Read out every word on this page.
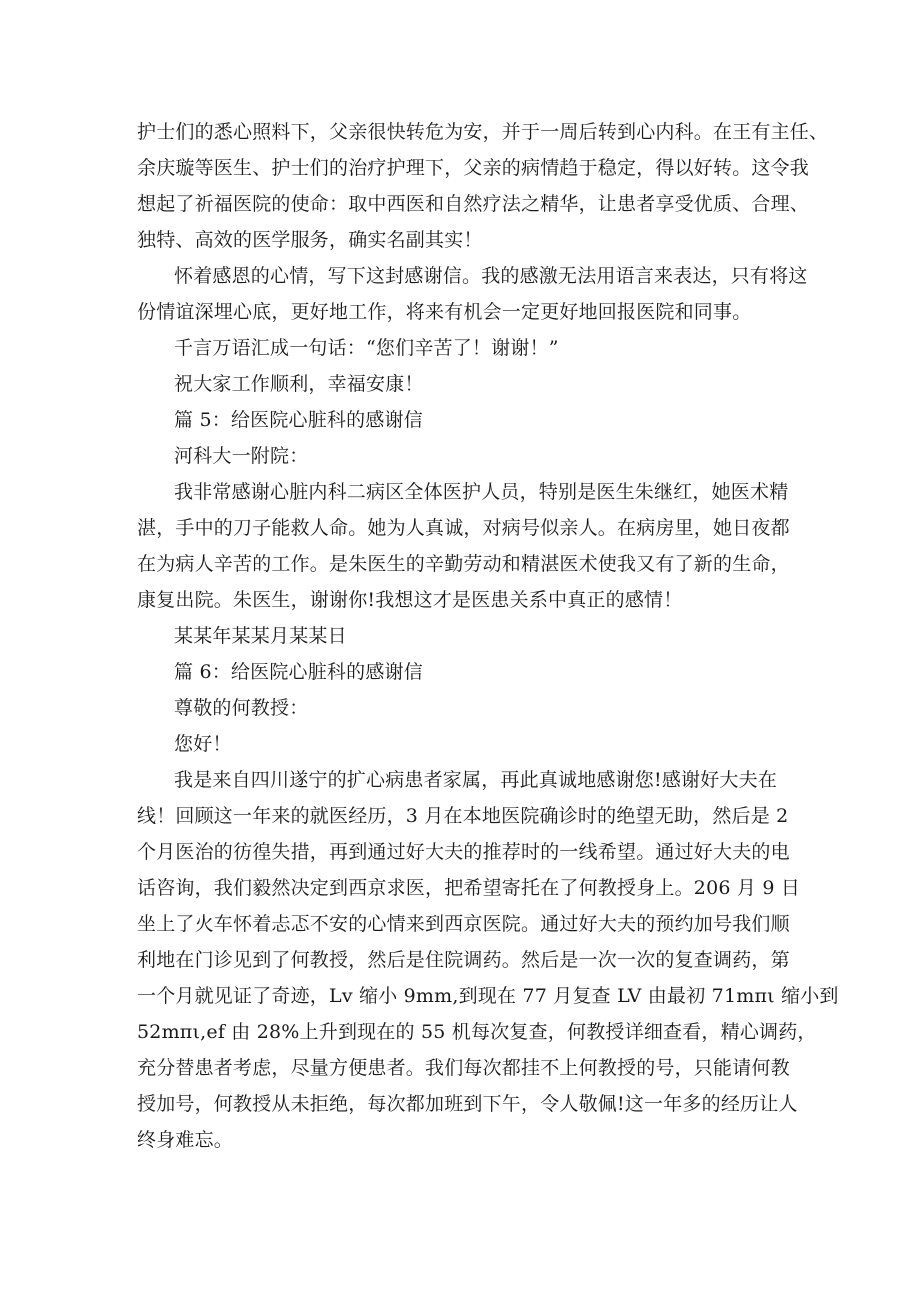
护士们的悉心照料下，父亲很快转危为安，并于一周后转到心内科。在王有主任、
余庆璇等医生、护士们的治疗护理下，父亲的病情趋于稳定，得以好转。这令我
想起了祈福医院的使命：取中西医和自然疗法之精华，让患者享受优质、合理、
独特、高效的医学服务，确实名副其实！
怀着感恩的心情，写下这封感谢信。我的感激无法用语言来表达，只有将这
份情谊深埋心底，更好地工作，将来有机会一定更好地回报医院和同事。
千言万语汇成一句话：“您们辛苦了！谢谢！”
祝大家工作顺利，幸福安康！
篇 5：给医院心脏科的感谢信
河科大一附院：
我非常感谢心脏内科二病区全体医护人员，特别是医生朱继红，她医术精
湛，手中的刀子能救人命。她为人真诚，对病号似亲人。在病房里，她日夜都
在为病人辛苦的工作。是朱医生的辛勤劳动和精湛医术使我又有了新的生命，
康复出院。朱医生，谢谢你!我想这才是医患关系中真正的感情！
某某年某某月某某日
篇 6：给医院心脏科的感谢信
尊敬的何教授：
您好！
我是来自四川遂宁的扩心病患者家属，再此真诚地感谢您!感谢好大夫在
线！回顾这一年来的就医经历，3 月在本地医院确诊时的绝望无助，然后是 2
个月医治的彷徨失措，再到通过好大夫的推荐时的一线希望。通过好大夫的电
话咨询，我们毅然决定到西京求医，把希望寄托在了何教授身上。206 月 9 日
坐上了火车怀着忐忑不安的心情来到西京医院。通过好大夫的预约加号我们顺
利地在门诊见到了何教授，然后是住院调药。然后是一次一次的复查调药，第
一个月就见证了奇迹，Lv 缩小 9mm,到现在 77 月复查 LV 由最初 71mπι 缩小到
52mπι,ef 由 28%上升到现在的 55 机每次复查，何教授详细查看，精心调药，
充分替患者考虑，尽量方便患者。我们每次都挂不上何教授的号，只能请何教
授加号，何教授从未拒绝，每次都加班到下午，令人敬佩!这一年多的经历让人
终身难忘。
